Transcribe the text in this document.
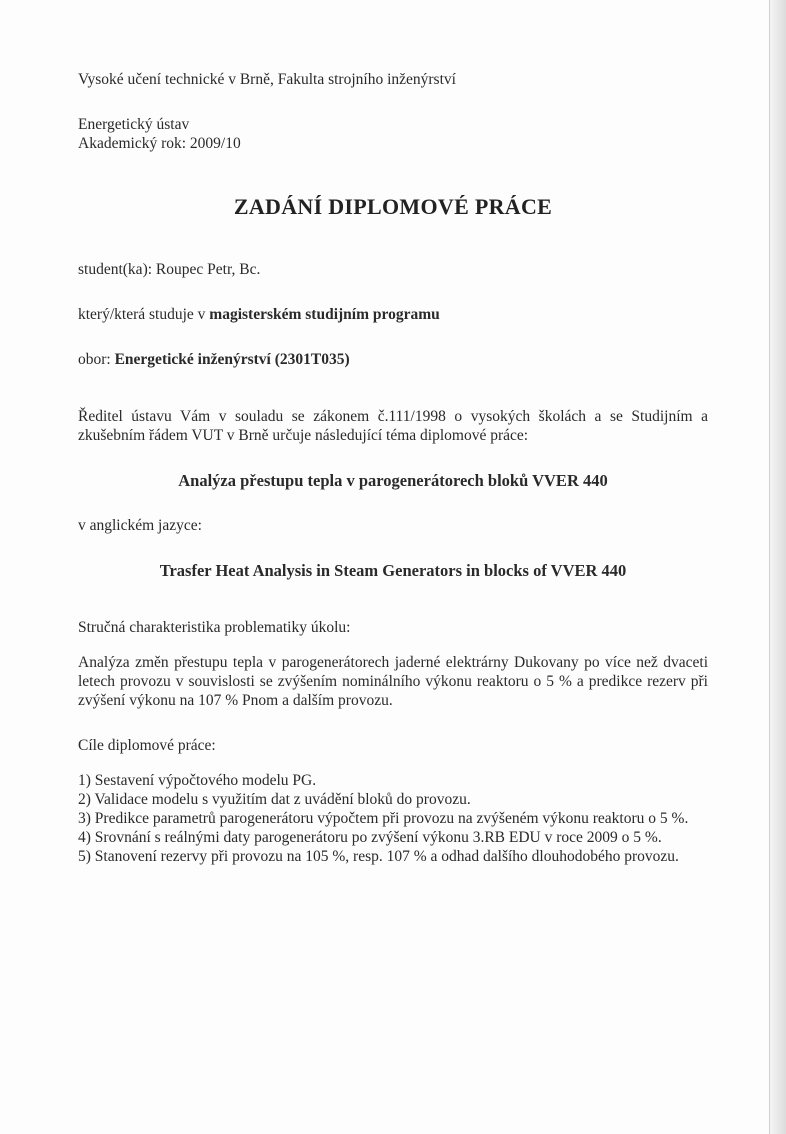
Vysoké učení technické v Brně, Fakulta strojního inženýrství
Energetický ústav
Akademický rok: 2009/10
ZADÁNÍ DIPLOMOVÉ PRÁCE
student(ka): Roupec Petr, Bc.
který/která studuje v magisterském studijním programu
obor: Energetické inženýrství (2301T035)
Ředitel ústavu Vám v souladu se zákonem č.111/1998 o vysokých školách a se Studijním a zkušebním řádem VUT v Brně určuje následující téma diplomové práce:
Analýza přestupu tepla v parogenerátorech bloků VVER 440
v anglickém jazyce:
Trasfer Heat Analysis in Steam Generators in blocks of VVER 440
Stručná charakteristika problematiky úkolu:
Analýza změn přestupu tepla v parogenerátorech jaderné elektrárny Dukovany po více než dvaceti letech provozu v souvislosti se zvýšením nominálního výkonu reaktoru o 5 % a predikce rezerv při zvýšení výkonu na 107 % Pnom a dalším provozu.
Cíle diplomové práce:
1) Sestavení výpočtového modelu PG.
2) Validace modelu s využitím dat z uvádění bloků do provozu.
3) Predikce parametrů parogenerátoru výpočtem při provozu na zvýšeném výkonu reaktoru o 5 %.
4) Srovnání s reálnými daty parogenerátoru po zvýšení výkonu 3.RB EDU v roce 2009 o 5 %.
5) Stanovení rezervy při provozu na 105 %, resp. 107 % a odhad dalšího dlouhodobého provozu.
